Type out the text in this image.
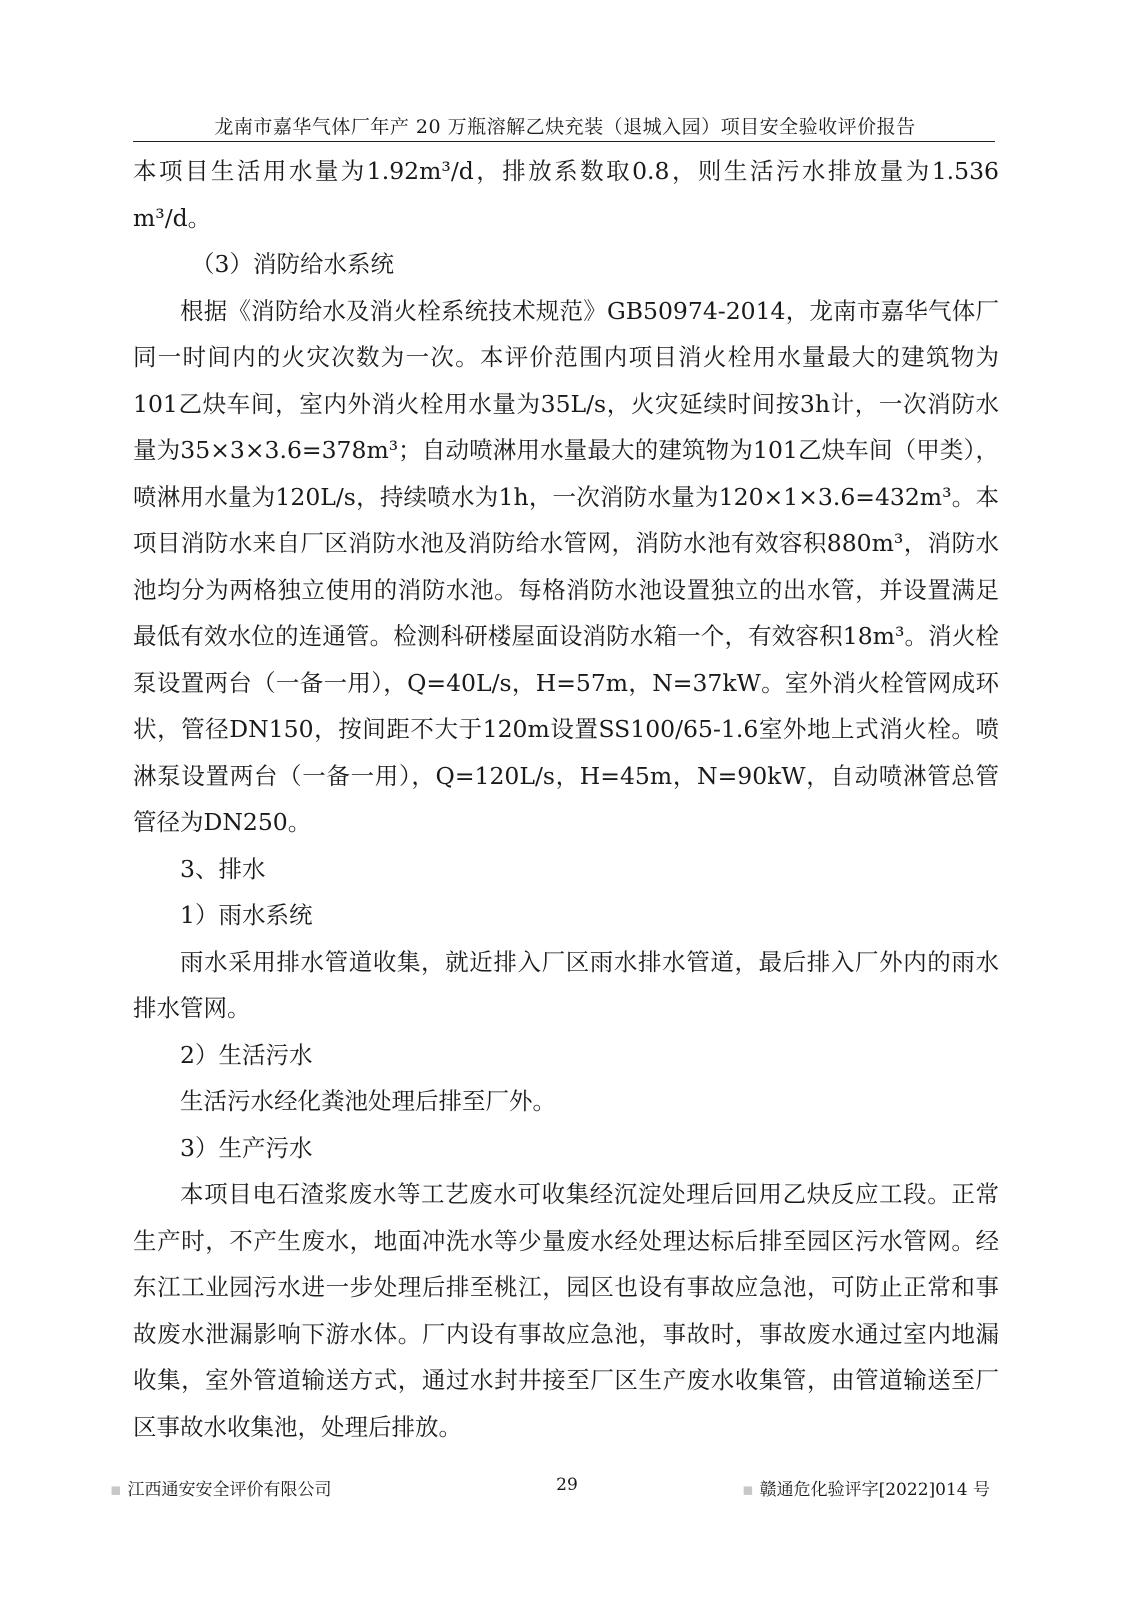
龙南市嘉华气体厂年产 20 万瓶溶解乙炔充装（退城入园）项目安全验收评价报告

本项目生活用水量为1.92m³/d，排放系数取0.8，则生活污水排放量为1.536 m³/d。

（3）消防给水系统

根据《消防给水及消火栓系统技术规范》GB50974-2014，龙南市嘉华气体厂同一时间内的火灾次数为一次。本评价范围内项目消火栓用水量最大的建筑物为101乙炔车间，室内外消火栓用水量为35L/s，火灾延续时间按3h计，一次消防水量为35×3×3.6=378m³；自动喷淋用水量最大的建筑物为101乙炔车间（甲类），喷淋用水量为120L/s，持续喷水为1h，一次消防水量为120×1×3.6=432m³。本项目消防水来自厂区消防水池及消防给水管网，消防水池有效容积880m³，消防水池均分为两格独立使用的消防水池。每格消防水池设置独立的出水管，并设置满足最低有效水位的连通管。检测科研楼屋面设消防水箱一个，有效容积18m³。消火栓泵设置两台（一备一用），Q=40L/s，H=57m，N=37kW。室外消火栓管网成环状，管径DN150，按间距不大于120m设置SS100/65-1.6室外地上式消火栓。喷淋泵设置两台（一备一用），Q=120L/s，H=45m，N=90kW，自动喷淋管总管管径为DN250。

3、排水

1）雨水系统

雨水采用排水管道收集，就近排入厂区雨水排水管道，最后排入厂外内的雨水排水管网。

2）生活污水

生活污水经化粪池处理后排至厂外。

3）生产污水

本项目电石渣浆废水等工艺废水可收集经沉淀处理后回用乙炔反应工段。正常生产时，不产生废水，地面冲洗水等少量废水经处理达标后排至园区污水管网。经东江工业园污水进一步处理后排至桃江，园区也设有事故应急池，可防止正常和事故废水泄漏影响下游水体。厂内设有事故应急池，事故时，事故废水通过室内地漏收集，室外管道输送方式，通过水封井接至厂区生产废水收集管，由管道输送至厂区事故水收集池，处理后排放。

▪ 江西通安安全评价有限公司	29	▪ 赣通危化验评字[2022]014 号
